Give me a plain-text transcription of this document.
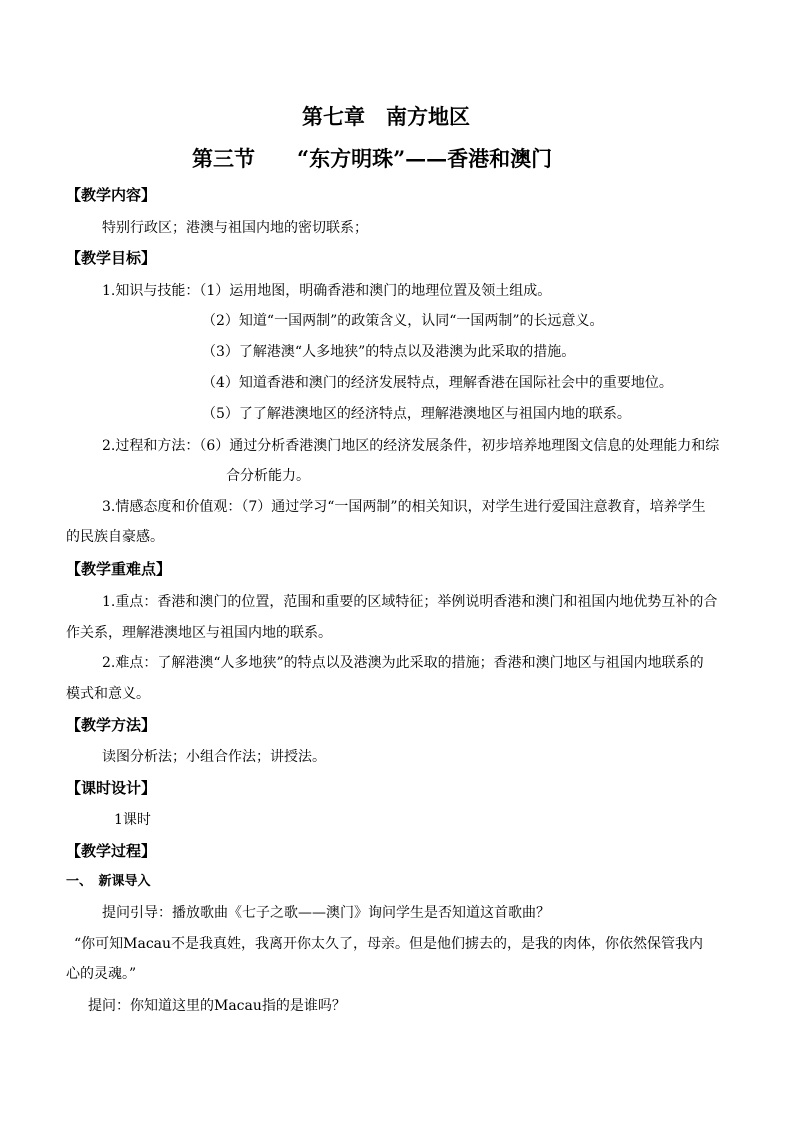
第七章　南方地区
第三节　　“东方明珠”——香港和澳门
【教学内容】
特别行政区；港澳与祖国内地的密切联系；
【教学目标】
1.知识与技能：（1）运用地图，明确香港和澳门的地理位置及领土组成。
（2）知道“一国两制”的政策含义，认同“一国两制”的长远意义。
（3）了解港澳“人多地狭”的特点以及港澳为此采取的措施。
（4）知道香港和澳门的经济发展特点，理解香港在国际社会中的重要地位。
（5）了了解港澳地区的经济特点，理解港澳地区与祖国内地的联系。
2.过程和方法：（6）通过分析香港澳门地区的经济发展条件，初步培养地理图文信息的处理能力和综
合分析能力。
3.情感态度和价值观：（7）通过学习“一国两制”的相关知识，对学生进行爱国注意教育，培养学生
的民族自豪感。
【教学重难点】
1.重点：香港和澳门的位置，范围和重要的区域特征；举例说明香港和澳门和祖国内地优势互补的合
作关系，理解港澳地区与祖国内地的联系。
2.难点：了解港澳“人多地狭”的特点以及港澳为此采取的措施；香港和澳门地区与祖国内地联系的
模式和意义。
【教学方法】
读图分析法；小组合作法；讲授法。
【课时设计】
1课时
【教学过程】
一、　新课导入
提问引导：播放歌曲《七子之歌——澳门》询问学生是否知道这首歌曲？
“你可知Macau不是我真姓，我离开你太久了，母亲。但是他们掳去的，是我的肉体，你依然保管我内
心的灵魂。”
提问：你知道这里的Macau指的是谁吗？
